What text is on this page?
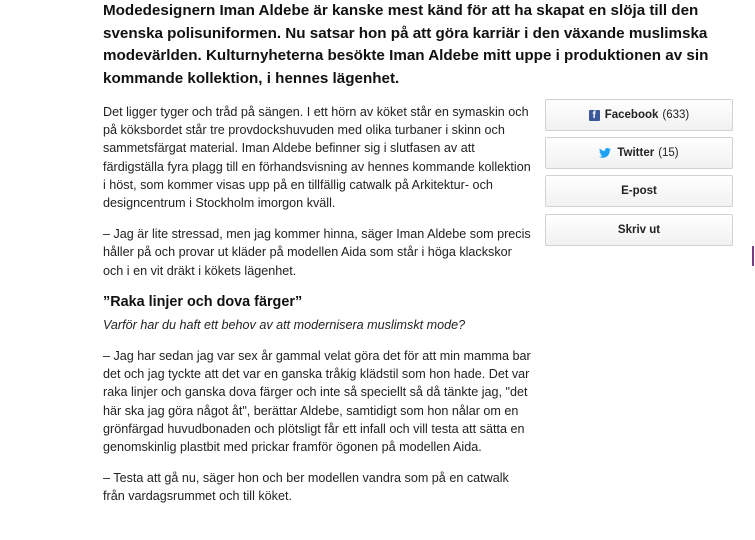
Modedesignern Iman Aldebe är kanske mest känd för att ha skapat en slöja till den svenska polisuniformen. Nu satsar hon på att göra karriär i den växande muslimska modevärlden. Kulturnyheterna besökte Iman Aldebe mitt uppe i produktionen av sin kommande kollektion, i hennes lägenhet.

Det ligger tyger och tråd på sängen. I ett hörn av köket står en symaskin och på köksbordet står tre provdockshuvuden med olika turbaner i skinn och sammetsfärgat material. Iman Aldebe befinner sig i slutfasen av att färdigställa fyra plagg till en förhandsvisning av hennes kommande kollektion i höst, som kommer visas upp på en tillfällig catwalk på Arkitektur- och designcentrum i Stockholm imorgon kväll.

– Jag är lite stressad, men jag kommer hinna, säger Iman Aldebe som precis håller på och provar ut kläder på modellen Aida som står i höga klackskor och i en vit dräkt i kökets lägenhet.

”Raka linjer och dova färger”
Varför har du haft ett behov av att modernisera muslimskt mode?

– Jag har sedan jag var sex år gammal velat göra det för att min mamma bar det och jag tyckte att det var en ganska tråkig klädstil som hon hade. Det var raka linjer och ganska dova färger och inte så speciellt så då tänkte jag, "det här ska jag göra något åt", berättar Aldebe, samtidigt som hon nålar om en grönfärgad huvudbonaden och plötsligt får ett infall och vill testa att sätta en genomskinlig plastbit med prickar framför ögonen på modellen Aida.

– Testa att gå nu, säger hon och ber modellen vandra som på en catwalk från vardagsrummet och till köket.

f Facebook (633)
Twitter (15)
E-post
Skriv ut
